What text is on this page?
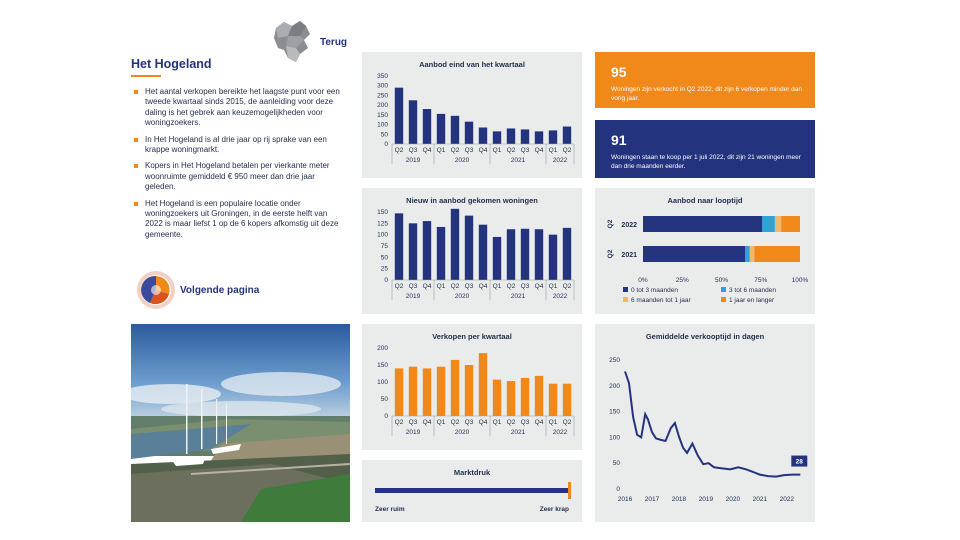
Terug
Het Hogeland
Het aantal verkopen bereikte het laagste punt voor een tweede kwartaal sinds 2015, de aanleiding voor deze daling is het gebrek aan keuzemogelijkheden voor woningzoekers.
In Het Hogeland is al drie jaar op rij sprake van een krappe woningmarkt.
Kopers in Het Hogeland betalen per vierkante meter woonruimte gemiddeld € 950 meer dan drie jaar geleden.
Het Hogeland is een populaire locatie onder woningzoekers uit Groningen, in de eerste helft van 2022 is maar liefst 1 op de 6 kopers afkomstig uit deze gemeente.
Volgende pagina
Aanbod eind van het kwartaal
0
50
100
150
200
250
300
350
Q2 Q3 Q4 Q1 Q2 Q3 Q4 Q1 Q2 Q3 Q4 Q1 Q2
2019	2020	2021	2022
Nieuw in aanbod gekomen woningen
0
25
50
75
100
125
150
Q2 Q3 Q4 Q1 Q2 Q3 Q4 Q1 Q2 Q3 Q4 Q1 Q2
2019	2020	2021	2022
Verkopen per kwartaal
0
50
100
150
200
Q2 Q3 Q4 Q1 Q2 Q3 Q4 Q1 Q2 Q3 Q4 Q1 Q2
2019	2020	2021	2022
Marktdruk
Zeer ruim	Zeer krap
95
Woningen zijn verkocht in Q2 2022, dit zijn 6 verkopen minder dan vorig jaar.
91
Woningen staan te koop per 1 juli 2022, dit zijn 21 woningen meer dan drie maanden eerder.
Aanbod naar looptijd
2022
Q2
2021
Q2
0%	25%	50%	75%	100%
0 tot 3 maanden	3 tot 6 maanden
6 maanden tot 1 jaar	1 jaar en langer
Gemiddelde verkooptijd in dagen
0
50
100
150
200
250
2016 2017 2018 2019 2020 2021 2022
28
